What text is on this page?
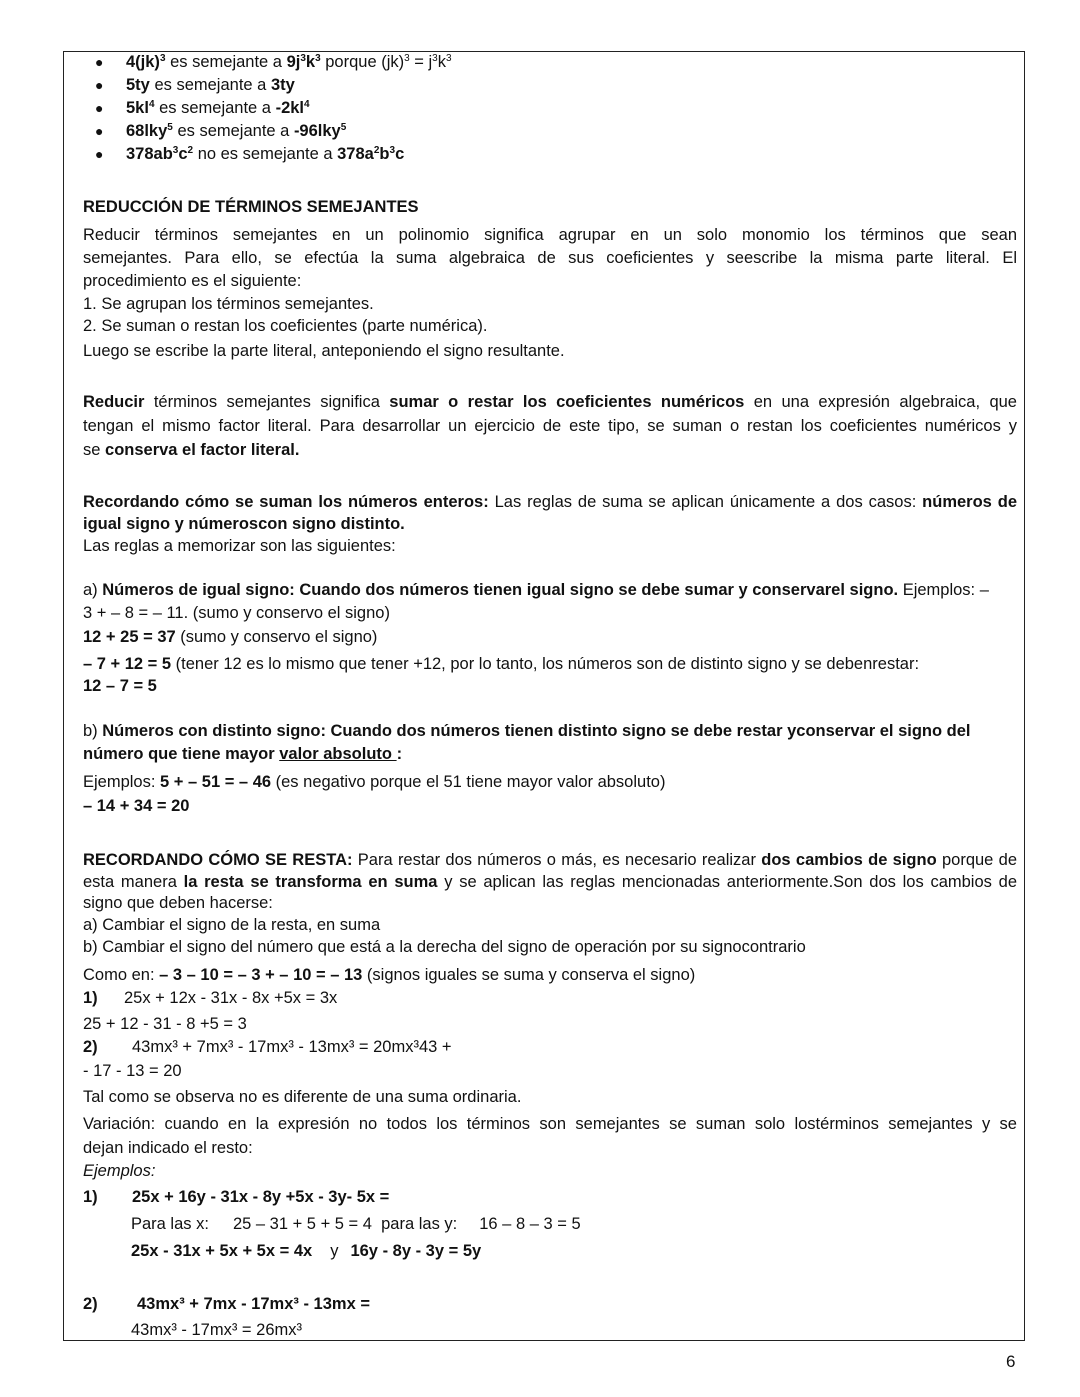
● 4(jk)$^3$ es semejante a $9j^3k^3$ porque $(jk)^3 = j^3k^3$
● 5ty es semejante a 3ty
● $5kl^4$ es semejante a $-2kl^4$
● 68lky$^5$ es semejante a -96lky$^5$
● $378ab^3c^2$ no es semejante a $378a^2b^3c$
REDUCCIÓN DE TÉRMINOS SEMEJANTES
Reducir términos semejantes en un polinomio significa agrupar en un solo monomio los términos que sean
semejantes. Para ello, se efectúa la suma algebraica de sus coeficientes y seescribe la misma parte literal. El
procedimiento es el siguiente:
1. Se agrupan los términos semejantes.
2. Se suman o restan los coeficientes (parte numérica).
Luego se escribe la parte literal, anteponiendo el signo resultante.
Reducir términos semejantes significa sumar o restar los coeficientes numéricos en una expresión algebraica, que
tengan el mismo factor literal. Para desarrollar un ejercicio de este tipo, se suman o restan los coeficientes numéricos y
se conserva el factor literal.
Recordando cómo se suman los números enteros: Las reglas de suma se aplican únicamente a dos casos: números de
igual signo y númeroscon signo distinto.
Las reglas a memorizar son las siguientes:
a) Números de igual signo: Cuando dos números tienen igual signo se debe sumar y conservarel signo. Ejemplos: –
3 + – 8 = – 11. (sumo y conservo el signo)
12 + 25 = 37 (sumo y conservo el signo)
– 7 + 12 = 5 (tener 12 es lo mismo que tener +12, por lo tanto, los números son de distinto signo y se debenrestar:
12 – 7 = 5
b) Números con distinto signo: Cuando dos números tienen distinto signo se debe restar yconservar el signo del
número que tiene mayor valor absoluto :
Ejemplos: 5 + – 51 = – 46 (es negativo porque el 51 tiene mayor valor absoluto)
– 14 + 34 = 20
RECORDANDO CÓMO SE RESTA: Para restar dos números o más, es necesario realizar dos cambios de signo porque de
esta manera la resta se transforma en suma y se aplican las reglas mencionadas anteriormente.Son dos los cambios de
signo que deben hacerse:
a) Cambiar el signo de la resta, en suma
b) Cambiar el signo del número que está a la derecha del signo de operación por su signocontrario
Como en: – 3 – 10 = – 3 + – 10 = – 13 (signos iguales se suma y conserva el signo)
1) 25x + 12x - 31x - 8x +5x = 3x
25 + 12 - 31 - 8 +5 = 3
2) 43mx³ + 7mx³ - 17mx³ - 13mx³ = 20mx³43 +
- 17 - 13 = 20
Tal como se observa no es diferente de una suma ordinaria.
Variación: cuando en la expresión no todos los términos son semejantes se suman solo lostérminos semejantes y se
dejan indicado el resto:
Ejemplos:
1) 25x + 16y - 31x - 8y +5x - 3y- 5x =
Para las x: 25 – 31 + 5 + 5 = 4 para las y: 16 – 8 – 3 = 5
25x - 31x + 5x + 5x = 4x y 16y - 8y - 3y = 5y
2) 43mx³ + 7mx - 17mx³ - 13mx =
43mx³ - 17mx³ = 26mx³
6
